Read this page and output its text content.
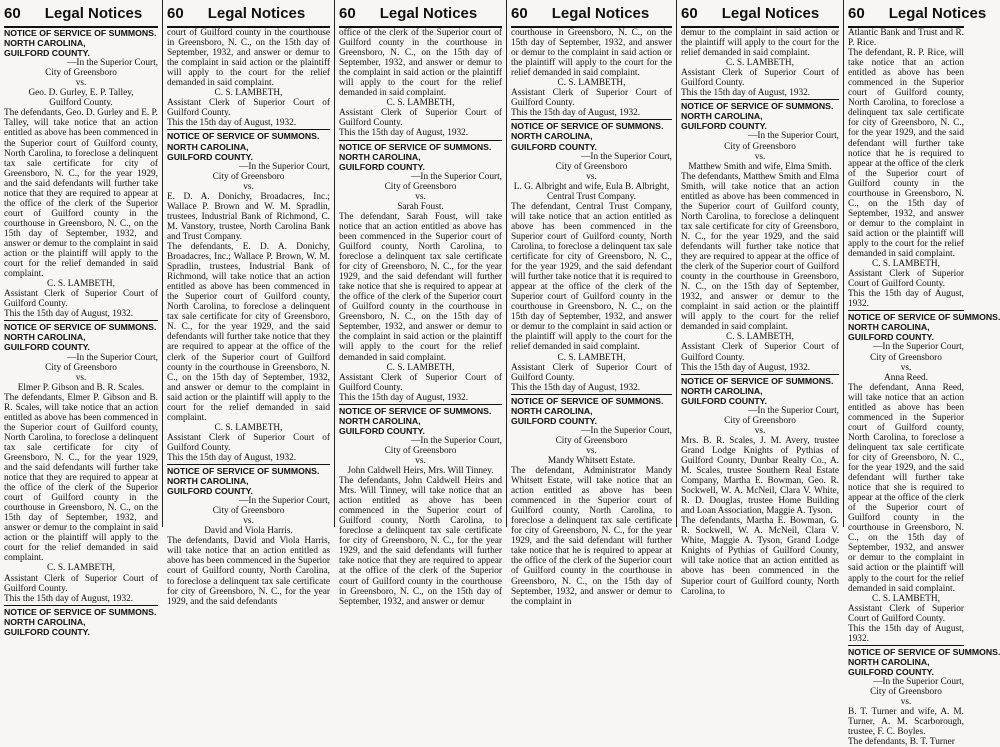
60 Legal Notices
NOTICE OF SERVICE OF SUMMONS.
NORTH CAROLINA,
GUILFORD COUNTY.
—In the Superior Court,
City of Greensboro
vs.
Geo. D. Gurley, E. P. Talley,
Guilford County.
The defendants, Geo. D. Gurley and E. P. Talley, will take notice that an action entitled as above has been commenced in the Superior court of Guilford county, North Carolina, to foreclose a delinquent tax sale certificate for city of Greensboro, N. C., for the year 1929, and the said defendants will further take notice that they are required to appear at the office of the clerk of the Superior court of Guilford county in the courthouse in Greensboro, N. C., on the 15th day of September, 1932, and answer or demur to the complaint in said action or the plaintiff will apply to the court for the relief demanded in said complaint.
C. S. LAMBETH,
Assistant Clerk of Superior Court of Guilford County.
This the 15th day of August, 1932.
NOTICE OF SERVICE OF SUMMONS.
NORTH CAROLINA,
GUILFORD COUNTY.
—In the Superior Court,
City of Greensboro
vs.
Elmer P. Gibson and B. R. Scales.
The defendants, Elmer P. Gibson and B. R. Scales, will take notice that an action entitled as above has been commenced in the Superior court of Guilford county, North Carolina, to foreclose a delinquent tax sale certificate for city of Greensboro, N. C., for the year 1929, and the said defendants will further take notice that they are required to appear at the office of the clerk of the Superior court of Guilford county in the courthouse in Greensboro, N. C., on the 15th day of September, 1932, and answer or demur to the complaint in said action or the plaintiff will apply to the court for the relief demanded in said complaint.
C. S. LAMBETH,
Assistant Clerk of Superior Court of Guilford County.
This the 15th day of August, 1932.
NOTICE OF SERVICE OF SUMMONS.
NORTH CAROLINA,
GUILFORD COUNTY.
60 Legal Notices
court of Guilford county in the courthouse in Greensboro, N. C., on the 15th day of September, 1932, and answer or demur to the complaint in said action or the plaintiff will apply to the court for the relief demanded in said complaint.
C. S. LAMBETH,
Assistant Clerk of Superior Court of Guilford County.
This the 15th day of August, 1932.
NOTICE OF SERVICE OF SUMMONS.
NORTH CAROLINA,
GUILFORD COUNTY.
—In the Superior Court,
City of Greensboro
vs.
E. D. A. Donichy, Broadacres, Inc.; Wallace P. Brown and W. M. Spradlin, trustees, Industrial Bank of Richmond, C. M. Vanstory, trustee, North Carolina Bank and Trust Company.
The defendants, E. D. A. Donichy, Broadacres, Inc.; Wallace P. Brown, W. M. Spradlin, trustees, Industrial Bank of Richmond, will take notice that an action entitled as above has been commenced in the Superior court of Guilford county, North Carolina, to foreclose a delinquent tax sale certificate for city of Greensboro, N. C., for the year 1929, and the said defendants will further take notice that they are required to appear at the office of the clerk of the Superior court of Guilford county in the courthouse in Greensboro, N. C., on the 15th day of September, 1932, and answer or demur to the complaint in said action or the plaintiff will apply to the court for the relief demanded in said complaint.
C. S. LAMBETH,
Assistant Clerk of Superior Court of Guilford County.
This the 15th day of August, 1932.
NOTICE OF SERVICE OF SUMMONS.
NORTH CAROLINA,
GUILFORD COUNTY.
—In the Superior Court,
City of Greensboro
vs.
David and Viola Harris.
The defendants, David and Viola Harris, will take notice that an action entitled as above has been commenced in the Superior court of Guilford county, North Carolina, to foreclose a delinquent tax sale certificate for city of Greensboro, N. C., for the year 1929, and the said defendants
60 Legal Notices
office of the clerk of the Superior court of Guilford county in the courthouse in Greensboro, N. C., on the 15th day of September, 1932, and answer or demur to the complaint in said action or the plaintiff will apply to the court for the relief demanded in said complaint.
C. S. LAMBETH,
Assistant Clerk of Superior Court of Guilford County.
This the 15th day of August, 1932.
NOTICE OF SERVICE OF SUMMONS.
NORTH CAROLINA,
GUILFORD COUNTY.
—In the Superior Court,
City of Greensboro
vs.
Sarah Foust.
The defendant, Sarah Foust, will take notice that an action entitled as above has been commenced in the Superior court of Guilford county, North Carolina, to foreclose a delinquent tax sale certificate for city of Greensboro, N. C., for the year 1929, and the said defendant will further take notice that she is required to appear at the office of the clerk of the Superior court of Guilford county in the courthouse in Greensboro, N. C., on the 15th day of September, 1932, and answer or demur to the complaint in said action or the plaintiff will apply to the court for the relief demanded in said complaint.
C. S. LAMBETH,
Assistant Clerk of Superior Court of Guilford County.
This the 15th day of August, 1932.
NOTICE OF SERVICE OF SUMMONS.
NORTH CAROLINA,
GUILFORD COUNTY.
—In the Superior Court,
City of Greensboro
vs.
John Caldwell Heirs, Mrs. Will Tinney.
The defendants, John Caldwell Heirs and Mrs. Will Tinney, will take notice that an action entitled as above has been commenced in the Superior court of Guilford county, North Carolina, to foreclose a delinquent tax sale certificate for city of Greensboro, N. C., for the year 1929, and the said defendants will further take notice that they are required to appear at the office of the clerk of the Superior court of Guilford county in the courthouse in Greensboro, N. C., on the 15th day of September, 1932, and answer or demur
60 Legal Notices
courthouse in Greensboro, N. C., on the 15th day of September, 1932, and answer or demur to the complaint in said action or the plaintiff will apply to the court for the relief demanded in said complaint.
C. S. LAMBETH,
Assistant Clerk of Superior Court of Guilford County.
This the 15th day of August, 1932.
NOTICE OF SERVICE OF SUMMONS.
NORTH CAROLINA,
GUILFORD COUNTY.
—In the Superior Court,
City of Greensboro
vs.
L. G. Albright and wife, Eula B. Albright, Central Trust Company.
The defendant, Central Trust Company, will take notice that an action entitled as above has been commenced in the Superior court of Guilford county, North Carolina, to foreclose a delinquent tax sale certificate for city of Greensboro, N. C., for the year 1929, and the said defendant will further take notice that it is required to appear at the office of the clerk of the Superior court of Guilford county in the courthouse in Greensboro, N. C., on the 15th day of September, 1932, and answer or demur to the complaint in said action or the plaintiff will apply to the court for the relief demanded in said complaint.
C. S. LAMBETH,
Assistant Clerk of Superior Court of Guilford County.
This the 15th day of August, 1932.
NOTICE OF SERVICE OF SUMMONS.
NORTH CAROLINA,
GUILFORD COUNTY.
—In the Superior Court,
City of Greensboro
vs.
Mandy Whitsett Estate.
The defendant, Administrator Mandy Whitsett Estate, will take notice that an action entitled as above has been commenced in the Superior court of Guilford county, North Carolina, to foreclose a delinquent tax sale certificate for city of Greensboro, N. C., for the year 1929, and the said defendant will further take notice that he is required to appear at the office of the clerk of the Superior court of Guilford county in the courthouse in Greensboro, N. C., on the 15th day of September, 1932, and answer or demur to the complaint in
60 Legal Notices
demur to the complaint in said action or the plaintiff will apply to the court for the relief demanded in said complaint.
C. S. LAMBETH,
Assistant Clerk of Superior Court of Guilford County.
This the 15th day of August, 1932.
NOTICE OF SERVICE OF SUMMONS.
NORTH CAROLINA,
GUILFORD COUNTY.
—In the Superior Court,
City of Greensboro
vs.
Matthew Smith and wife, Elma Smith.
The defendants, Matthew Smith and Elma Smith, will take notice that an action entitled as above has been commenced in the Superior court of Guilford county, North Carolina, to foreclose a delinquent tax sale certificate for city of Greensboro, N. C., for the year 1929, and the said defendants will further take notice that they are required to appear at the office of the clerk of the Superior court of Guilford county in the courthouse in Greensboro, N. C., on the 15th day of September, 1932, and answer or demur to the complaint in said action or the plaintiff will apply to the court for the relief demanded in said complaint.
C. S. LAMBETH,
Assistant Clerk of Superior Court of Guilford County.
This the 15th day of August, 1932.
NOTICE OF SERVICE OF SUMMONS.
NORTH CAROLINA,
GUILFORD COUNTY.
—In the Superior Court,
City of Greensboro
vs.
Mrs. B. R. Scales, J. M. Avery, trustee Grand Lodge Knights of Pythias of Guilford County, Dunbar Realty Co., A. M. Scales, trustee Southern Real Estate Company, Martha E. Bowman, Geo. R. Sockwell, W. A. McNeil, Clara V. White, R. D. Douglas, trustee Home Building and Loan Association, Maggie A. Tyson.
The defendants, Martha E. Bowman, G. R. Sockwell, W. A. McNeil, Clara V. White, Maggie A. Tyson, Grand Lodge Knights of Pythias of Guilford County, will take notice that an action entitled as above has been commenced in the Superior court of Guilford county, North Carolina, to
60 Legal Notices
Atlantic Bank and Trust and R. P. Rice.
The defendant, R. P. Rice, will take notice that an action entitled as above has been commenced in the Superior court of Guilford county, North Carolina, to foreclose a delinquent tax sale certificate for city of Greensboro, N. C., for the year 1929, and the said defendant will further take notice that he is required to appear at the office of the clerk of the Superior court of Guilford county in the courthouse in Greensboro, N. C., on the 15th day of September, 1932, and answer or demur to the complaint in said action or the plaintiff will apply to the court for the relief demanded in said complaint.
C. S. LAMBETH,
Assistant Clerk of Superior Court of Guilford County.
This the 15th day of August, 1932.
NOTICE OF SERVICE OF SUMMONS.
NORTH CAROLINA,
GUILFORD COUNTY.
—In the Superior Court,
City of Greensboro
vs.
Anna Reed.
The defendant, Anna Reed, will take notice that an action entitled as above has been commenced in the Superior court of Guilford county, North Carolina, to foreclose a delinquent tax sale certificate for city of Greensboro, N. C., for the year 1929, and the said defendant will further take notice that she is required to appear at the office of the clerk of the Superior court of Guilford county in the courthouse in Greensboro, N. C., on the 15th day of September, 1932, and answer or demur to the complaint in said action or the plaintiff will apply to the court for the relief demanded in said complaint.
C. S. LAMBETH,
Assistant Clerk of Superior Court of Guilford County.
This the 15th day of August, 1932.
NOTICE OF SERVICE OF SUMMONS.
NORTH CAROLINA,
GUILFORD COUNTY.
—In the Superior Court,
City of Greensboro
vs.
B. T. Turner and wife, A. M. Turner, A. M. Scarborough, trustee, F. C. Boyles.
The defendants, B. T. Turner
